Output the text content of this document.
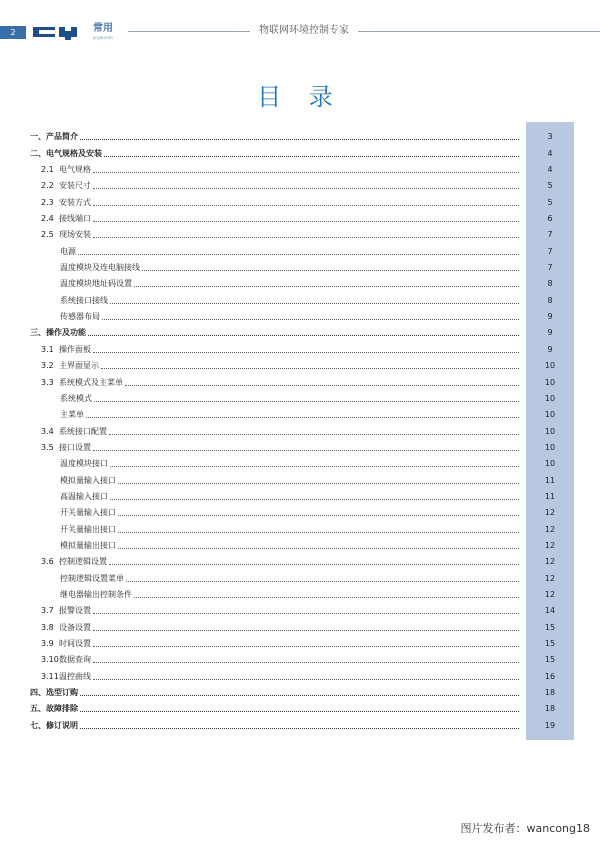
2	常用
ycyw.com
物联网环境控制专家
目 录
一、产品简介	3
二、电气规格及安装	4
2.1 电气规格	4
2.2 安装尺寸	5
2.3 安装方式	5
2.4 接线端口	6
2.5 现场安装	7
电源	7
温度模块及连电脑接线	7
温度模块地址码设置	8
系统接口接线	8
传感器布局	9
三、操作及功能	9
3.1 操作面板	9
3.2 主界面显示	10
3.3 系统模式及主菜单	10
系统模式	10
主菜单	10
3.4 系统接口配置	10
3.5 接口设置	10
温度模块接口	10
模拟量输入接口	11
高温输入接口	11
开关量输入接口	12
开关量输出接口	12
模拟量输出接口	12
3.6 控制逻辑设置	12
控制逻辑设置菜单	12
继电器输出控制条件	12
3.7 报警设置	14
3.8 设备设置	15
3.9 时间设置	15
3.10数据查询	15
3.11温控曲线	16
四、选型订购	18
五、故障排除	18
七、修订说明	19
图片发布者：wancong18
